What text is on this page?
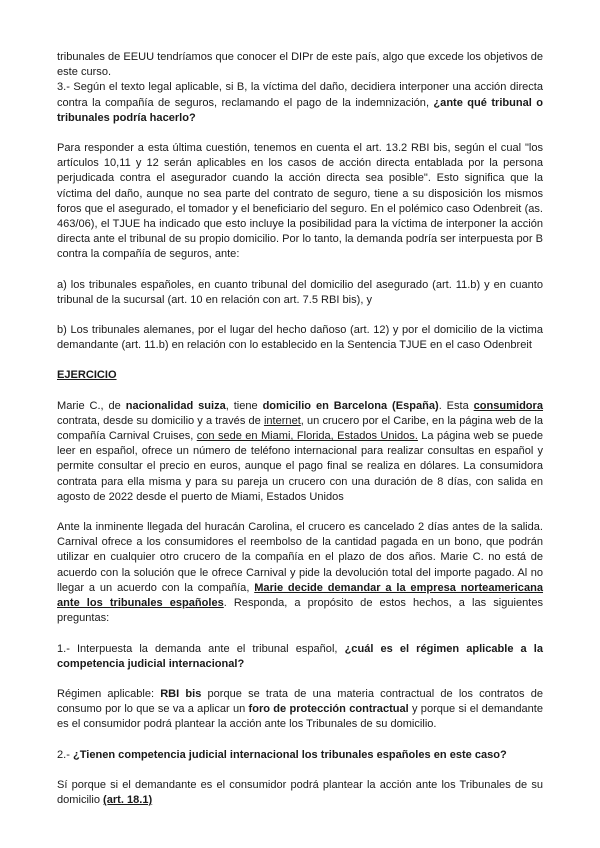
tribunales de EEUU tendríamos que conocer el DIPr de este país, algo que excede los objetivos de este curso.
3.- Según el texto legal aplicable, si B, la víctima del daño, decidiera interponer una acción directa contra la compañía de seguros, reclamando el pago de la indemnización, ¿ante qué tribunal o tribunales podría hacerlo?

Para responder a esta última cuestión, tenemos en cuenta el art. 13.2 RBI bis, según el cual "los artículos 10,11 y 12 serán aplicables en los casos de acción directa entablada por la persona perjudicada contra el asegurador cuando la acción directa sea posible". Esto significa que la víctima del daño, aunque no sea parte del contrato de seguro, tiene a su disposición los mismos foros que el asegurado, el tomador y el beneficiario del seguro. En el polémico caso Odenbreit (as. 463/06), el TJUE ha indicado que esto incluye la posibilidad para la víctima de interponer la acción directa ante el tribunal de su propio domicilio. Por lo tanto, la demanda podría ser interpuesta por B contra la compañía de seguros, ante:

a) los tribunales españoles, en cuanto tribunal del domicilio del asegurado (art. 11.b) y en cuanto tribunal de la sucursal (art. 10 en relación con art. 7.5 RBI bis), y

b) Los tribunales alemanes, por el lugar del hecho dañoso (art. 12) y por el domicilio de la victima demandante (art. 11.b) en relación con lo establecido en la Sentencia TJUE en el caso Odenbreit

EJERCICIO

Marie C., de nacionalidad suiza, tiene domicilio en Barcelona (España). Esta consumidora contrata, desde su domicilio y a través de internet, un crucero por el Caribe, en la página web de la compañía Carnival Cruises, con sede en Miami, Florida, Estados Unidos. La página web se puede leer en español, ofrece un número de teléfono internacional para realizar consultas en español y permite consultar el precio en euros, aunque el pago final se realiza en dólares. La consumidora contrata para ella misma y para su pareja un crucero con una duración de 8 días, con salida en agosto de 2022 desde el puerto de Miami, Estados Unidos

Ante la inminente llegada del huracán Carolina, el crucero es cancelado 2 días antes de la salida. Carnival ofrece a los consumidores el reembolso de la cantidad pagada en un bono, que podrán utilizar en cualquier otro crucero de la compañía en el plazo de dos años. Marie C. no está de acuerdo con la solución que le ofrece Carnival y pide la devolución total del importe pagado. Al no llegar a un acuerdo con la compañía, Marie decide demandar a la empresa norteamericana ante los tribunales españoles. Responda, a propósito de estos hechos, a las siguientes preguntas:

1.- Interpuesta la demanda ante el tribunal español, ¿cuál es el régimen aplicable a la competencia judicial internacional?

Régimen aplicable: RBI bis porque se trata de una materia contractual de los contratos de consumo por lo que se va a aplicar un foro de protección contractual y porque si el demandante es el consumidor podrá plantear la acción ante los Tribunales de su domicilio.

2.- ¿Tienen competencia judicial internacional los tribunales españoles en este caso?

Sí porque si el demandante es el consumidor podrá plantear la acción ante los Tribunales de su domicilio (art. 18.1)
